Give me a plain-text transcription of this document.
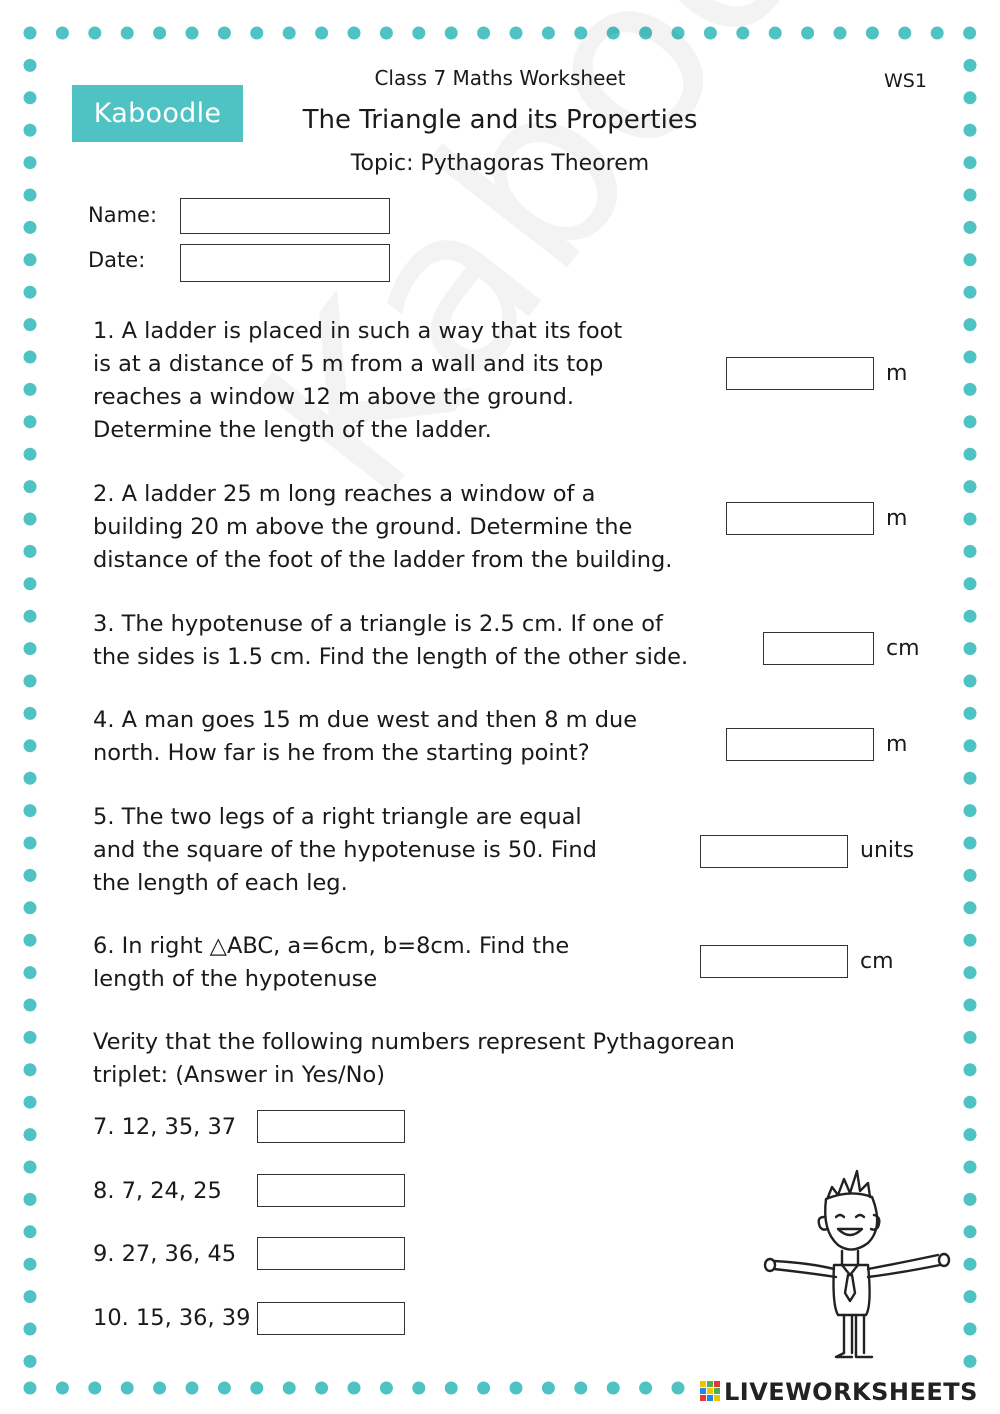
Kaboodle
Class 7 Maths Worksheet
The Triangle and its Properties
Topic: Pythagoras Theorem
WS1
Name:
Date:
1. A ladder is placed in such a way that its foot
is at a distance of 5 m from a wall and its top
reaches a window 12 m above the ground.
Determine the length of the ladder.
m
2. A ladder 25 m long reaches a window of a
building 20 m above the ground. Determine the
distance of the foot of the ladder from the building.
m
3. The hypotenuse of a triangle is 2.5 cm. If one of
the sides is 1.5 cm. Find the length of the other side.	cm
4. A man goes 15 m due west and then 8 m due
north. How far is he from the starting point?	m
5. The two legs of a right triangle are equal
and the square of the hypotenuse is 50. Find
the length of each leg.
units
6. In right △ABC, a=6cm, b=8cm. Find the
length of the hypotenuse
cm
Verity that the following numbers represent Pythagorean
triplet: (Answer in Yes/No)
7. 12, 35, 37
8. 7, 24, 25
9. 27, 36, 45
10. 15, 36, 39
LIVEWORKSHEETS
